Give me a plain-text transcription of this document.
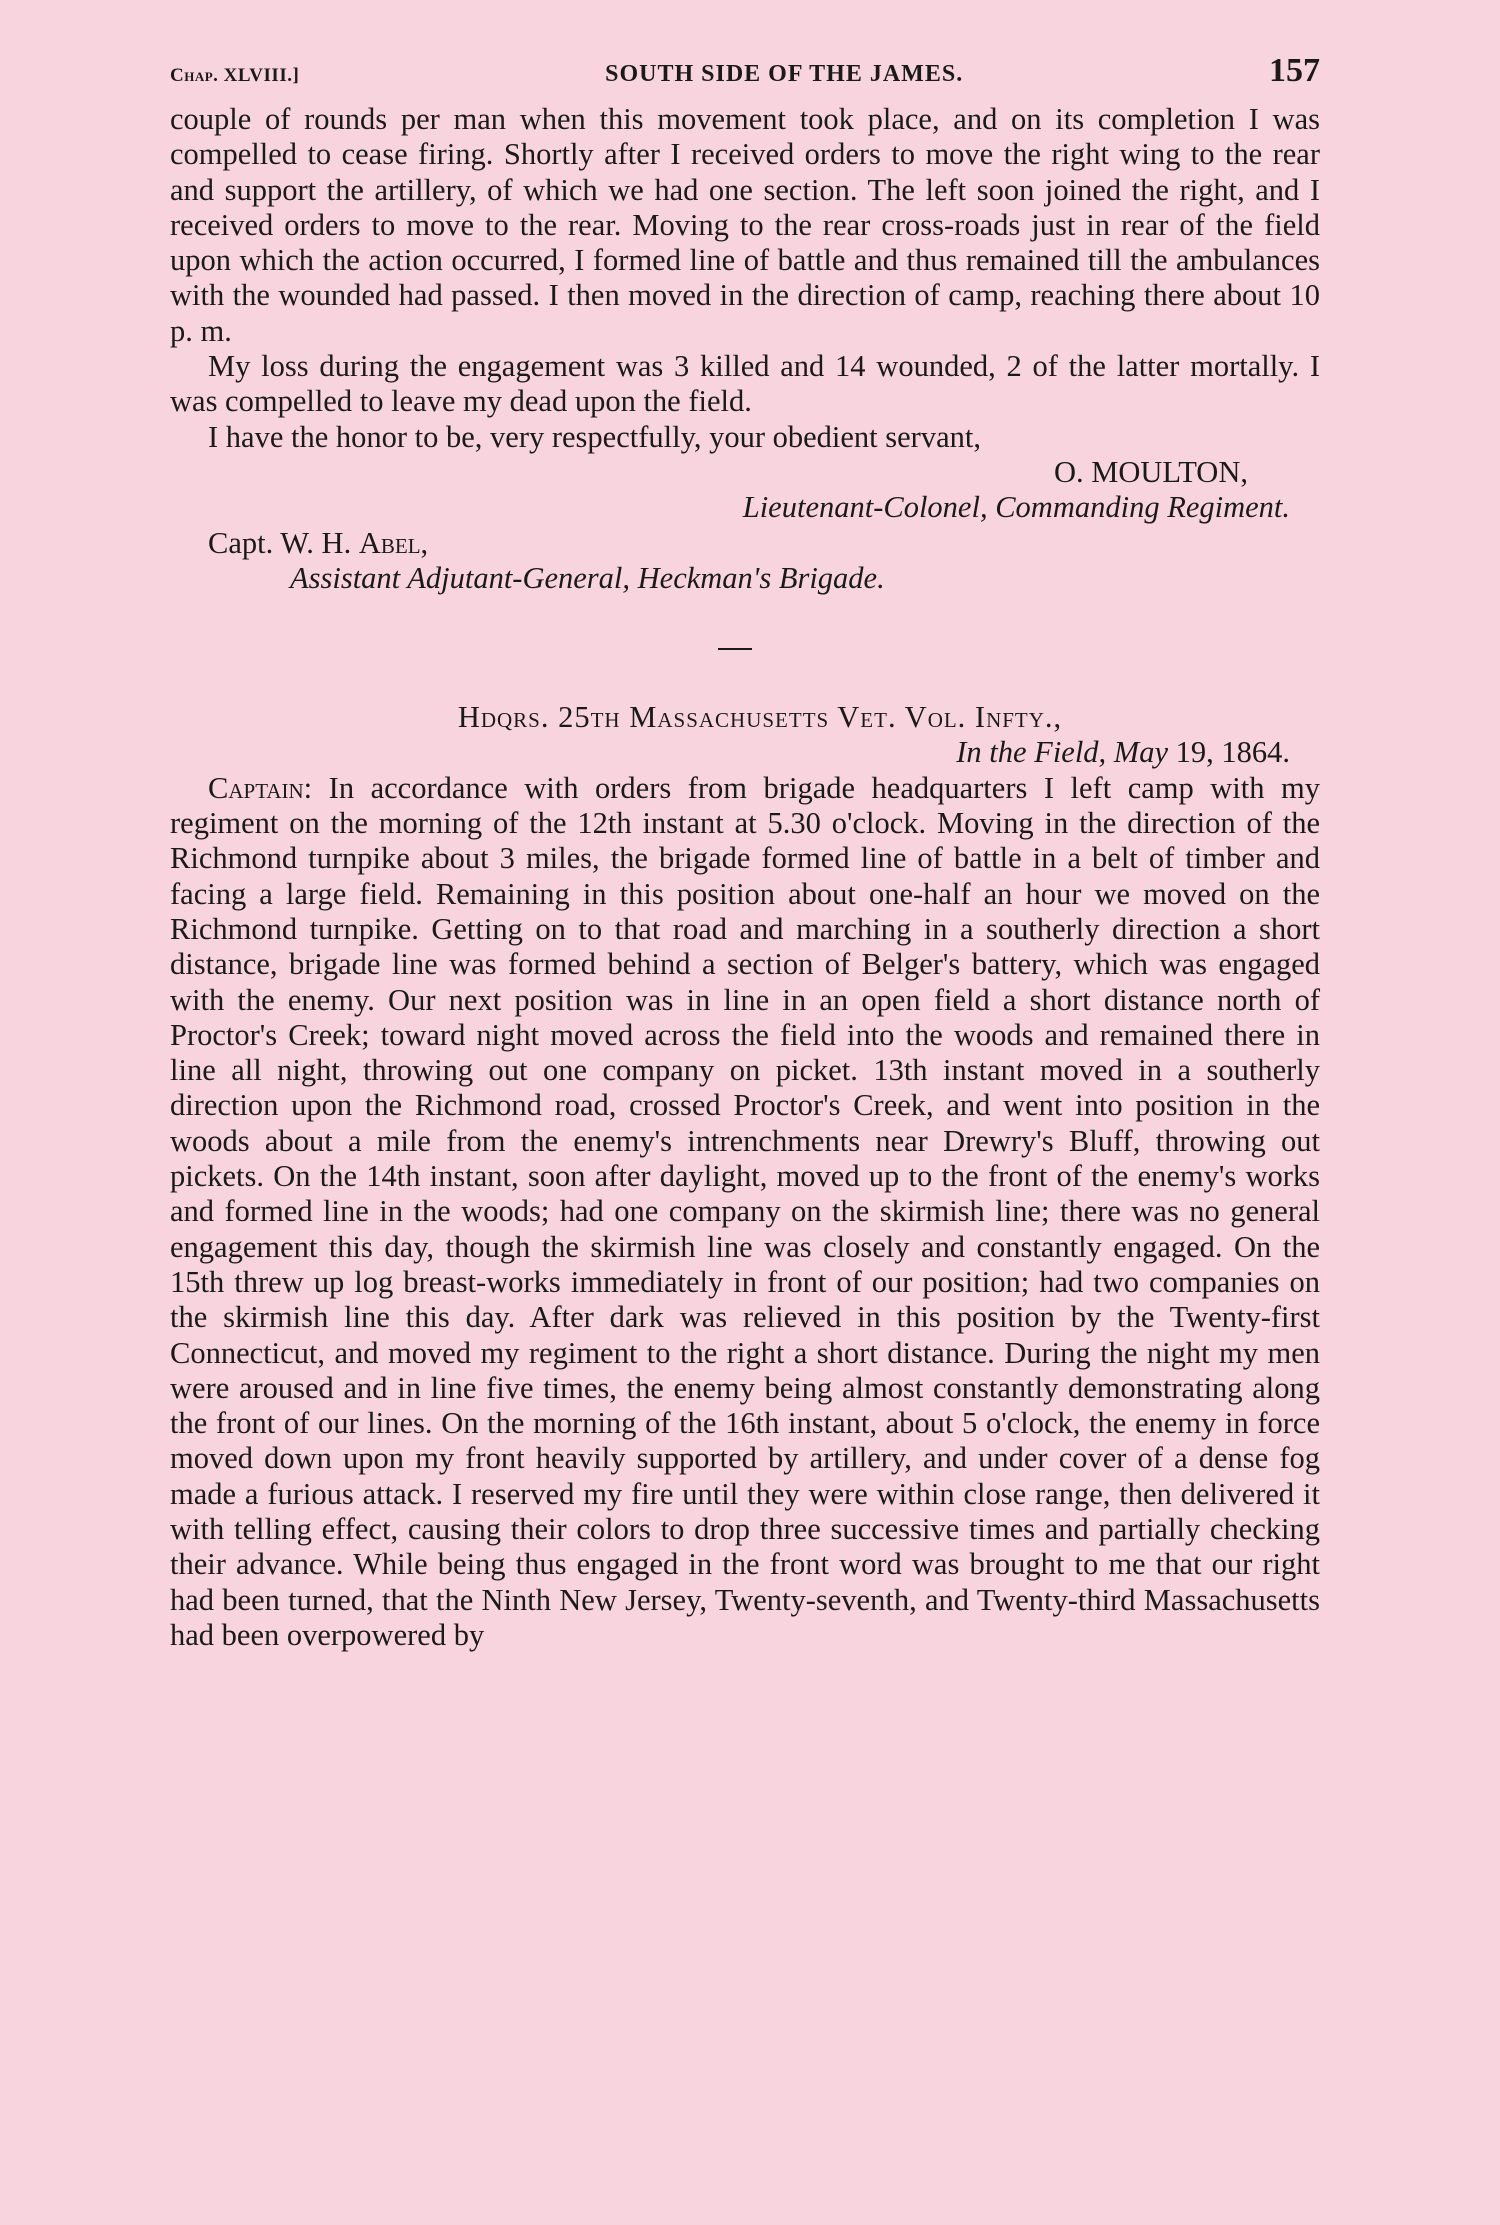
Chap. XLVIII.]	SOUTH SIDE OF THE JAMES.	157

couple of rounds per man when this movement took place, and on its completion I was compelled to cease firing. Shortly after I received orders to move the right wing to the rear and support the artillery, of which we had one section. The left soon joined the right, and I received orders to move to the rear. Moving to the rear cross-roads just in rear of the field upon which the action occurred, I formed line of battle and thus remained till the ambulances with the wounded had passed. I then moved in the direction of camp, reaching there about 10 p. m.

My loss during the engagement was 3 killed and 14 wounded, 2 of the latter mortally. I was compelled to leave my dead upon the field.

I have the honor to be, very respectfully, your obedient servant,

O. MOULTON,

Lieutenant-Colonel, Commanding Regiment.

Capt. W. H. Abel,

Assistant Adjutant-General, Heckman's Brigade.

Hdqrs. 25th Massachusetts Vet. Vol. Infty.,

In the Field, May 19, 1864.

Captain: In accordance with orders from brigade headquarters I left camp with my regiment on the morning of the 12th instant at 5.30 o'clock. Moving in the direction of the Richmond turnpike about 3 miles, the brigade formed line of battle in a belt of timber and facing a large field. Remaining in this position about one-half an hour we moved on the Richmond turnpike. Getting on to that road and marching in a southerly direction a short distance, brigade line was formed behind a section of Belger's battery, which was engaged with the enemy. Our next position was in line in an open field a short distance north of Proctor's Creek; toward night moved across the field into the woods and remained there in line all night, throwing out one company on picket. 13th instant moved in a southerly direction upon the Richmond road, crossed Proctor's Creek, and went into position in the woods about a mile from the enemy's intrenchments near Drewry's Bluff, throwing out pickets. On the 14th instant, soon after daylight, moved up to the front of the enemy's works and formed line in the woods; had one company on the skirmish line; there was no general engagement this day, though the skirmish line was closely and constantly engaged. On the 15th threw up log breast-works immediately in front of our position; had two companies on the skirmish line this day. After dark was relieved in this position by the Twenty-first Connecticut, and moved my regiment to the right a short distance. During the night my men were aroused and in line five times, the enemy being almost constantly demonstrating along the front of our lines. On the morning of the 16th instant, about 5 o'clock, the enemy in force moved down upon my front heavily supported by artillery, and under cover of a dense fog made a furious attack. I reserved my fire until they were within close range, then delivered it with telling effect, causing their colors to drop three successive times and partially checking their advance. While being thus engaged in the front word was brought to me that our right had been turned, that the Ninth New Jersey, Twenty-seventh, and Twenty-third Massachusetts had been overpowered by
